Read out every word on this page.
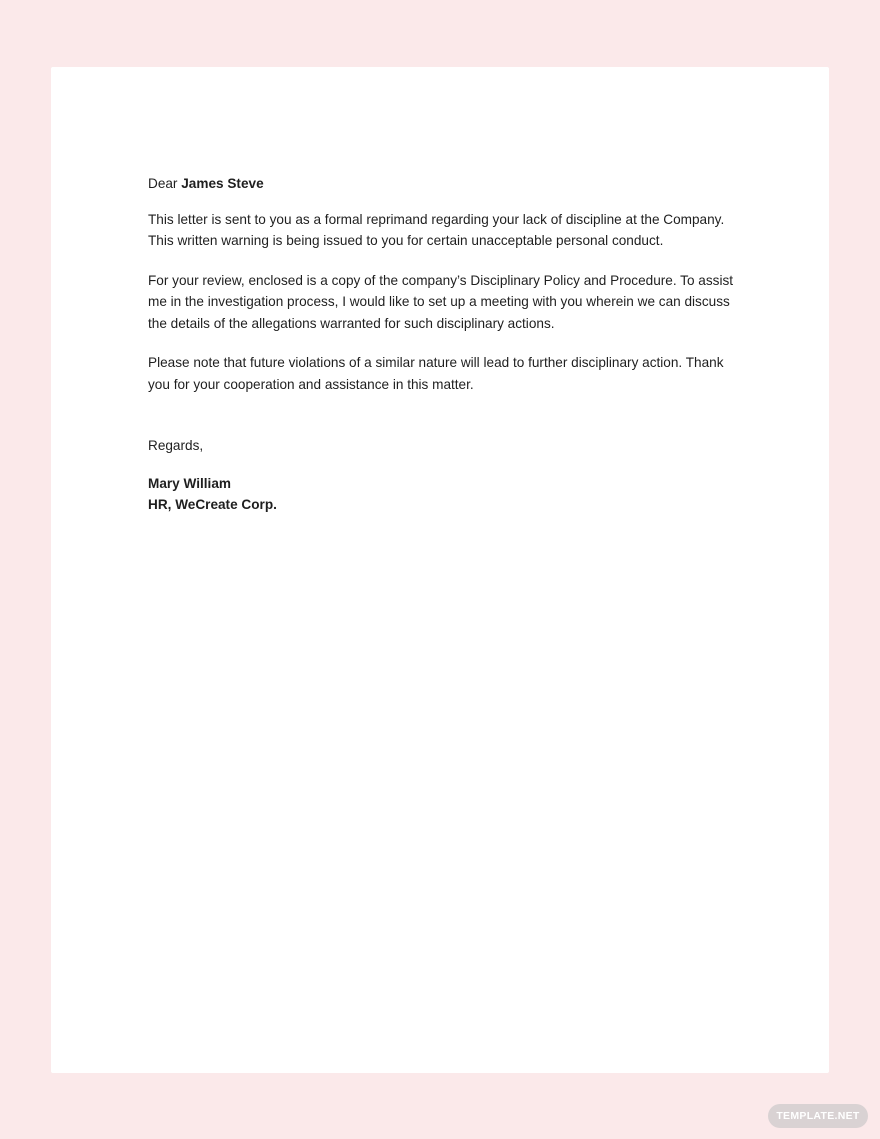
Dear James Steve

This letter is sent to you as a formal reprimand regarding your lack of discipline at the Company. This written warning is being issued to you for certain unacceptable personal conduct.

For your review, enclosed is a copy of the company’s Disciplinary Policy and Procedure. To assist me in the investigation process, I would like to set up a meeting with you wherein we can discuss the details of the allegations warranted for such disciplinary actions.

Please note that future violations of a similar nature will lead to further disciplinary action. Thank you for your cooperation and assistance in this matter.

Regards,

Mary William

HR, WeCreate Corp.

TEMPLATE.NET
